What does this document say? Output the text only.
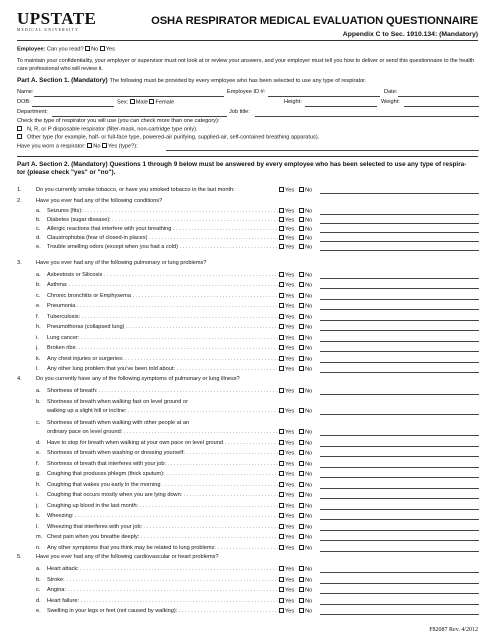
UPSTATE
MEDICAL UNIVERSITY
OSHA RESPIRATOR MEDICAL EVALUATION QUESTIONNAIRE
Appendix C to Sec. 1910.134: (Mandatory)
Employee: Can you read? No Yes
To maintain your confidentiality, your employer or supervisor must not look at or review your answers, and your employer must tell you how to deliver or send this questionnaire to the health care professional who will review it.
Part A. Section 1. (Mandatory) The following must be provided by every employee who has been selected to use any type of respirator.
Name:	Employee ID #:	Date:
DOB:	Sex: Male Female	Height:	Weight:
Department:	Job title:
Check the type of respirator you will use (you can check more than one category):
N, R, or P disposable respirator (filter-mask, non-cartridge type only).
Other type (for example, half- or full-face type, powered-air purifying, supplied-air, self-contained breathing apparatus).
Have you worn a respirator: No Yes (type?):
Part A. Section 2. (Mandatory) Questions 1 through 9 below must be answered by every employee who has been selected to use any type of respira-
tor (please check "yes" or "no").
1.	Do you currently smoke tobacco, or have you smoked tobacco in the last month:	Yes No
2.	Have you ever had any of the following conditions?
a. Seizures (fits): . . .	Yes No
b. Diabetes (sugar disease): . . .	Yes No
c. Allergic reactions that interfere with your breathing . . .	Yes No
d. Claustrophobia (fear of closed-in places) . . .	Yes No
e. Trouble smelling odors (except when you had a cold) . . .	Yes No
3.	Have you ever had any of the following pulmonary or lung problems?
a. Asbestosis or Silicosis . . .	Yes No
b. Asthma: . . .	Yes No
c. Chronic bronchitis or Emphysema . . .	Yes No
e. Pneumonia . . .	Yes No
f.	Tuberculosis: . . .	Yes No
h. Pneumothorax (collapsed lung) . . .	Yes No
i.	Lung cancer: . . .	Yes No
j.	Broken ribs: . . .	Yes No
k. Any chest injuries or surgeries: . . .	Yes No
l.	Any other lung problem that you've been told about: . . .	Yes No
4.	Do you currently have any of the following symptoms of pulmonary or lung illness?
a. Shortness of breath: . . .	Yes No
b. Shortness of breath when walking fast on level ground or
walking up a slight hill or incline: . . .	Yes No
c. Shortness of breath when walking with other people at an
ordinary pace on level ground: . . .	Yes No
d. Have to stop for breath when walking at your own pace on level ground . . .	Yes No
e. Shortness of breath when washing or dressing yourself: . . .	Yes No
f.	Shortness of breath that interferes with your job: . . .	Yes No
g. Coughing that produces phlegm (thick sputum): . . .	Yes No
h. Coughing that wakes you early in the morning . . .	Yes No
i.	Coughing that occurs mostly when you are lying down: . . .	Yes No
j.	Coughing up blood in the last month: . . .	Yes No
k. Wheezing: . . .	Yes No
l.	Wheezing that interferes with your job: . . .	Yes No
m. Chest pain when you breathe deeply: . . .	Yes No
n. Any other symptoms that you think may be related to lung problems: . . .	Yes No
5.	Have you ever had any of the following cardiovascular or heart problems?
a. Heart attack: . . .	Yes No
b. Stroke: . . .	Yes No
c. Angina: . . .	Yes No
d. Heart failure: . . .	Yes No
e. Swelling in your legs or feet (not caused by walking): . . .	Yes No
F82087 Rev. 4/2012
